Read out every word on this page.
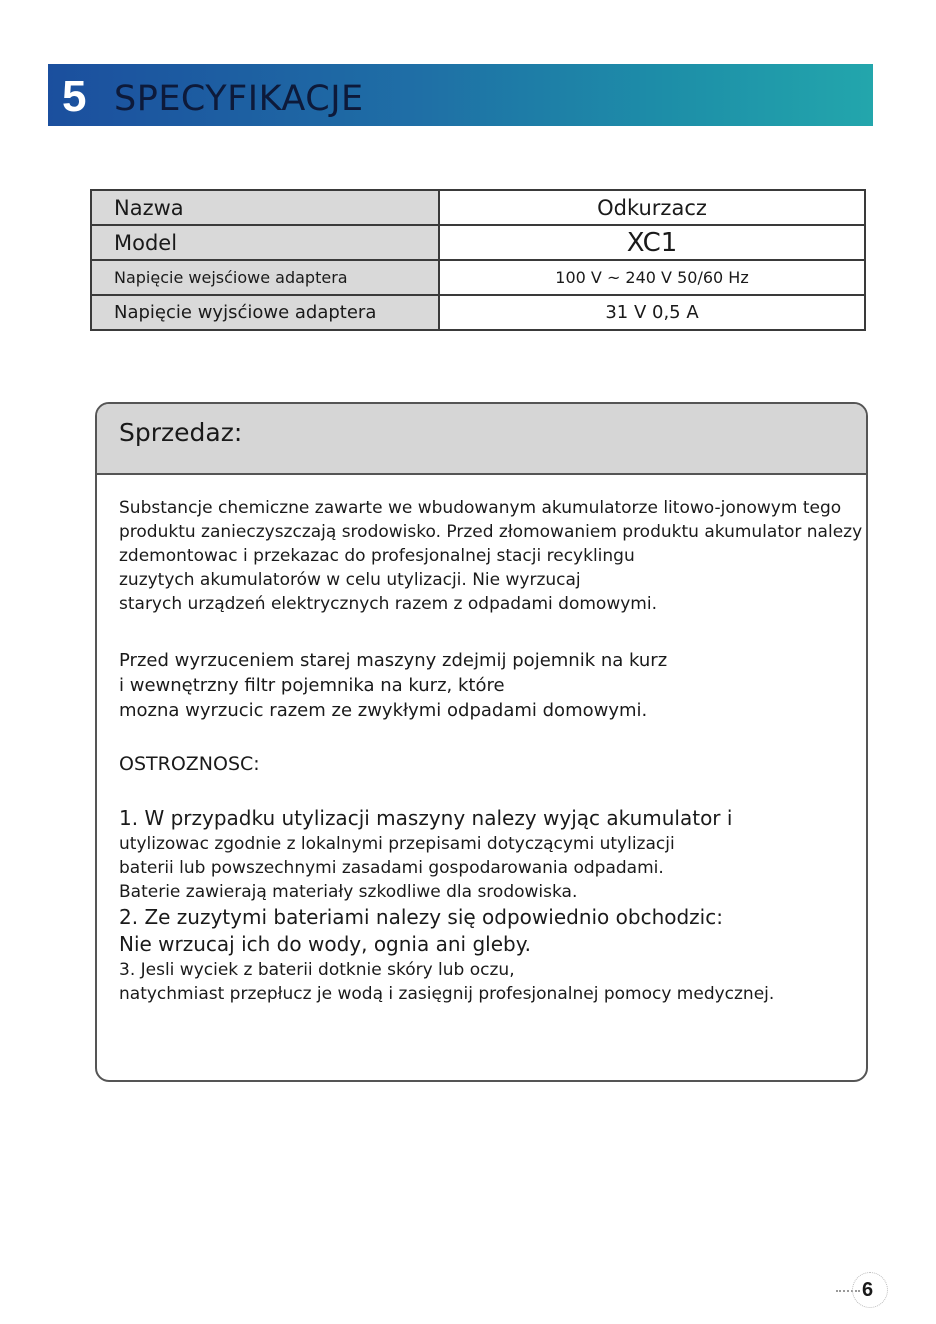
5 SPECYFIKACJE
Nazwa	Odkurzacz
Model	XC1
Napięcie wejsćiowe adaptera	100 V ~ 240 V 50/60 Hz
Napięcie wyjsćiowe adaptera	31 V 0,5 A
Sprzedaz:

Substancje chemiczne zawarte we wbudowanym akumulatorze litowo-jonowym tego

produktu zanieczyszczają srodowisko. Przed złomowaniem produktu akumulator nalezy

zdemontowac i przekazac do profesjonalnej stacji recyklingu

zuzytych akumulatorów w celu utylizacji. Nie wyrzucaj

starych urządzeń elektrycznych razem z odpadami domowymi.

Przed wyrzuceniem starej maszyny zdejmij pojemnik na kurz

i wewnętrzny filtr pojemnika na kurz, które

mozna wyrzucic razem ze zwykłymi odpadami domowymi.

OSTROZNOSC:

1. W przypadku utylizacji maszyny nalezy wyjąc akumulator i

utylizowac zgodnie z lokalnymi przepisami dotyczącymi utylizacji

baterii lub powszechnymi zasadami gospodarowania odpadami.

Baterie zawierają materiały szkodliwe dla srodowiska.

2. Ze zuzytymi bateriami nalezy się odpowiednio obchodzic:

Nie wrzucaj ich do wody, ognia ani gleby.

3. Jesli wyciek z baterii dotknie skóry lub oczu,

natychmiast przepłucz je wodą i zasięgnij profesjonalnej pomocy medycznej.

6
